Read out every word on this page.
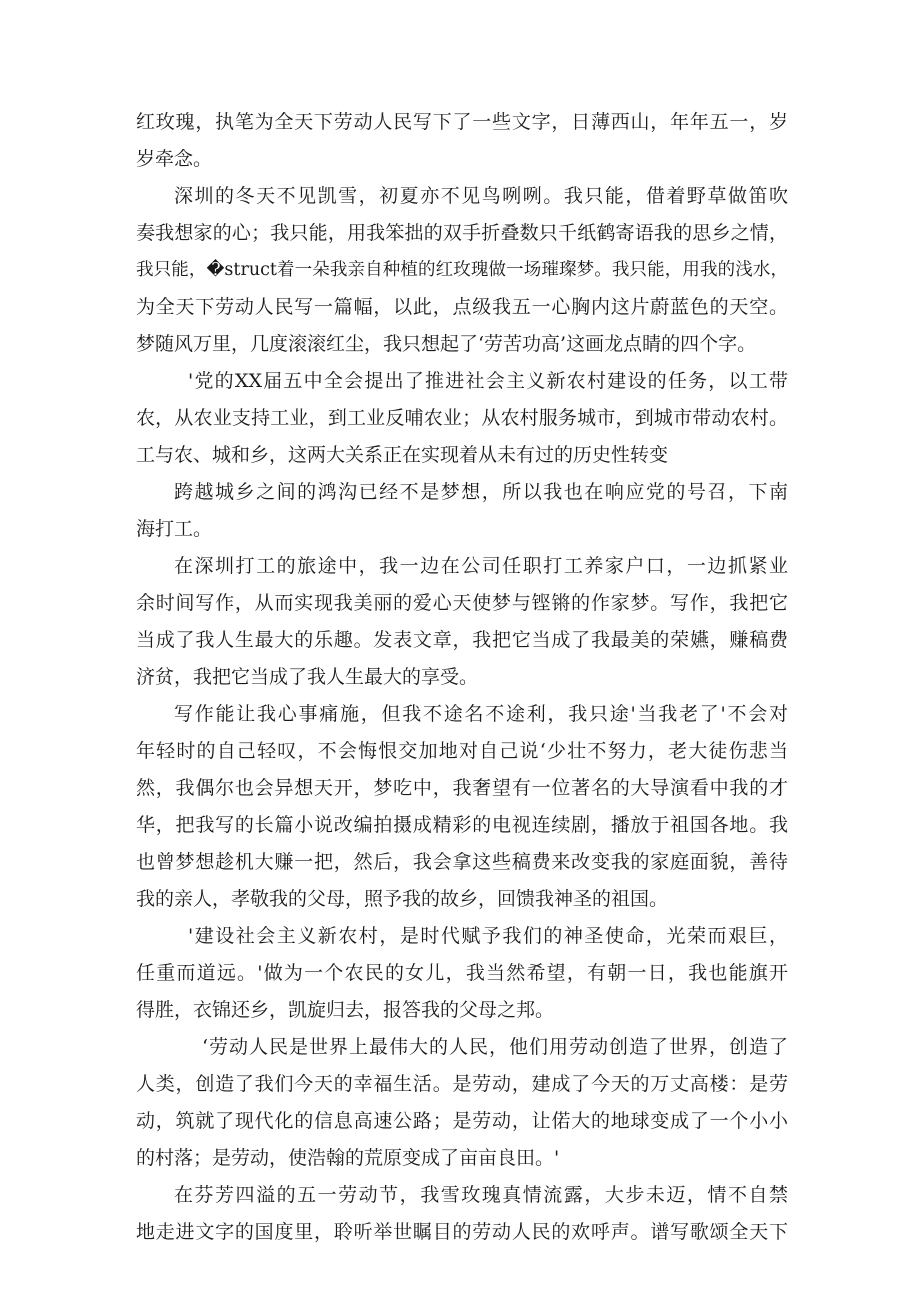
红玫瑰，执笔为全天下劳动人民写下了一些文字，日薄西山，年年五一，岁
岁牵念。
深圳的冬天不见凯雪，初夏亦不见鸟咧咧。我只能，借着野草做笛吹
奏我想家的心；我只能，用我笨拙的双手折叠数只千纸鹤寄语我的思乡之情，
我只能，�struct着一朵我亲自种植的红玫瑰做一场璀璨梦。我只能，用我的浅水，
为全天下劳动人民写一篇幅，以此，点级我五一心胸内这片蔚蓝色的天空。
梦随风万里，几度滚滚红尘，我只想起了‘劳苦功高’这画龙点睛的四个字。
'党的XX届五中全会提出了推进社会主义新农村建设的任务，以工带
农，从农业支持工业，到工业反哺农业；从农村服务城市，到城市带动农村。
工与农、城和乡，这两大关系正在实现着从未有过的历史性转变
跨越城乡之间的鸿沟已经不是梦想，所以我也在响应党的号召，下南
海打工。
在深圳打工的旅途中，我一边在公司任职打工养家户口，一边抓紧业
余时间写作，从而实现我美丽的爱心天使梦与铿锵的作家梦。写作，我把它
当成了我人生最大的乐趣。发表文章，我把它当成了我最美的荣嬿，赚稿费
济贫，我把它当成了我人生最大的享受。
写作能让我心事痛施，但我不途名不途利，我只途'当我老了'不会对
年轻时的自己轻叹，不会悔恨交加地对自己说‘少壮不努力，老大徒伤悲当
然，我偶尔也会异想天开，梦吃中，我奢望有一位著名的大导演看中我的才
华，把我写的长篇小说改编拍摄成精彩的电视连续剧，播放于祖国各地。我
也曾梦想趁机大赚一把，然后，我会拿这些稿费来改变我的家庭面貌，善待
我的亲人，孝敬我的父母，照予我的故乡，回馈我神圣的祖国。
'建设社会主义新农村，是时代赋予我们的神圣使命，光荣而艰巨，
任重而道远。'做为一个农民的女儿，我当然希望，有朝一日，我也能旗开
得胜，衣锦还乡，凯旋归去，报答我的父母之邦。
‘劳动人民是世界上最伟大的人民，他们用劳动创造了世界，创造了
人类，创造了我们今天的幸福生活。是劳动，建成了今天的万丈高楼：是劳
动，筑就了现代化的信息高速公路；是劳动，让偌大的地球变成了一个小小
的村落；是劳动，使浩翰的荒原变成了亩亩良田。'
在芬芳四溢的五一劳动节，我雪玫瑰真情流露，大步未迈，情不自禁
地走进文字的国度里，聆听举世瞩目的劳动人民的欢呼声。谱写歌颂全天下
